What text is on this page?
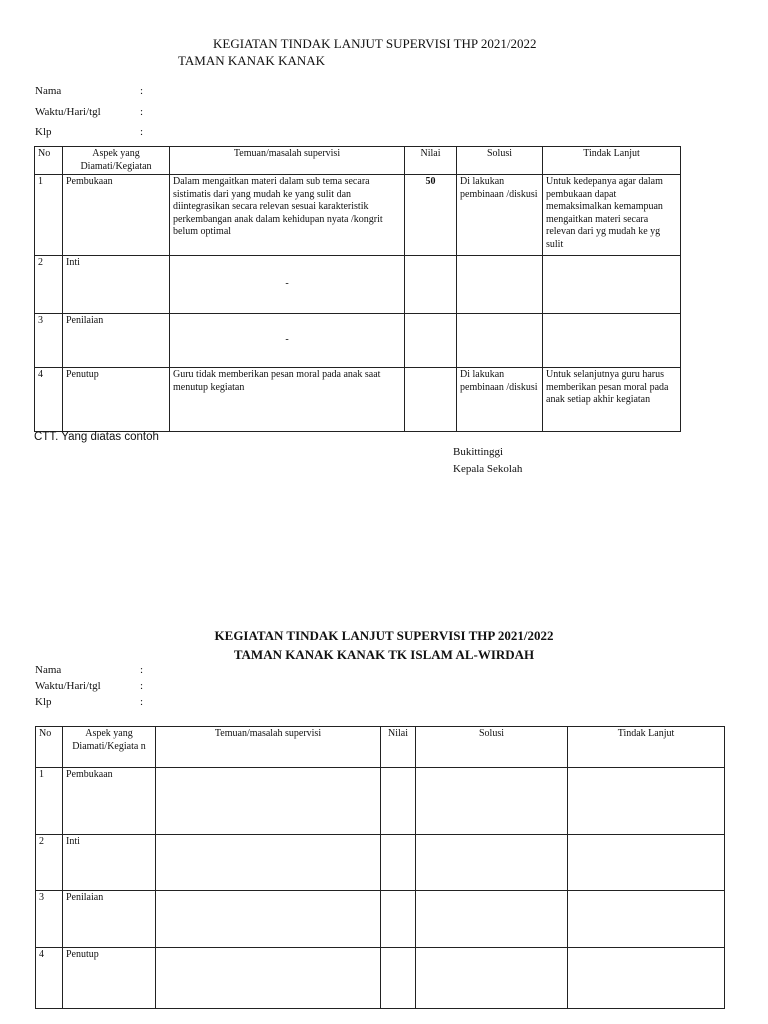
KEGIATAN TINDAK LANJUT SUPERVISI THP 2021/2022
TAMAN KANAK KANAK
Nama	:
Waktu/Hari/tgl	:
Klp	:
No	Aspek yang Diamati/Kegiatan	Temuan/masalah supervisi	Nilai	Solusi	Tindak Lanjut
1	Pembukaan	Dalam mengaitkan materi dalam sub tema secara sistimatis dari yang mudah ke yang sulit dan diintegrasikan secara relevan sesuai karakteristik perkembangan anak dalam kehidupan nyata /kongrit belum optimal	50	Di lakukan pembinaan /diskusi	Untuk kedepanya agar dalam pembukaan dapat memaksimalkan kemampuan mengaitkan materi secara relevan dari yg mudah ke yg sulit
2	Inti	-			
3	Penilaian	-			
4	Penutup	Guru tidak memberikan pesan moral pada anak saat menutup kegiatan		Di lakukan pembinaan /diskusi	Untuk selanjutnya guru harus memberikan pesan moral pada anak setiap akhir kegiatan
CTT. Yang diatas contoh
Bukittinggi
Kepala Sekolah
KEGIATAN TINDAK LANJUT SUPERVISI THP 2021/2022
TAMAN KANAK KANAK TK ISLAM AL-WIRDAH
Nama	:
Waktu/Hari/tgl	:
Klp	:
No	Aspek yang Diamati/Kegiata n	Temuan/masalah supervisi	Nilai	Solusi	Tindak Lanjut
1	Pembukaan				
2	Inti				
3	Penilaian				
4	Penutup				
